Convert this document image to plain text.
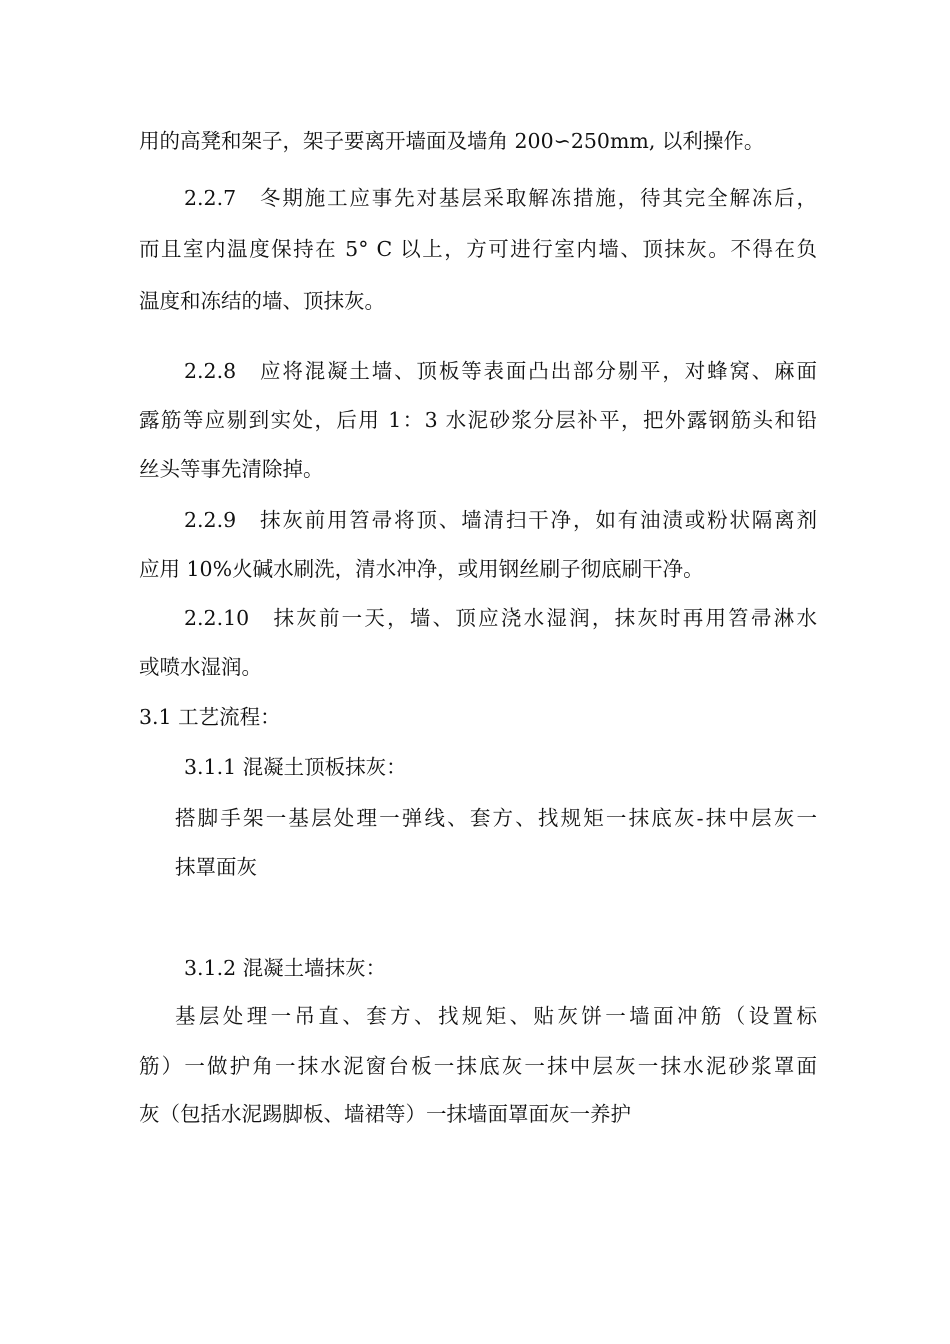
用的高凳和架子，架子要离开墙面及墙角 200∽250mm, 以利操作。
2.2.7 冬期施工应事先对基层采取解冻措施，待其完全解冻后，
而且室内温度保持在 5° C 以上，方可进行室内墙、顶抹灰。不得在负
温度和冻结的墙、顶抹灰。
2.2.8 应将混凝土墙、顶板等表面凸出部分剔平，对蜂窝、麻面
露筋等应剔到实处，后用 1：3 水泥砂浆分层补平，把外露钢筋头和铅
丝头等事先清除掉。
2.2.9 抹灰前用笤帚将顶、墙清扫干净，如有油渍或粉状隔离剂
应用 10%火碱水刷洗，清水冲净，或用钢丝刷子彻底刷干净。
2.2.10 抹灰前一天，墙、顶应浇水湿润，抹灰时再用笤帚淋水
或喷水湿润。
3.1 工艺流程：
3.1.1 混凝土顶板抹灰：
搭脚手架一基层处理一弹线、套方、找规矩一抹底灰-抹中层灰一
抹罩面灰
3.1.2 混凝土墙抹灰：
基层处理一吊直、套方、找规矩、贴灰饼一墙面冲筋（设置标
筋）一做护角一抹水泥窗台板一抹底灰一抹中层灰一抹水泥砂浆罩面
灰（包括水泥踢脚板、墙裙等）一抹墙面罩面灰一养护
